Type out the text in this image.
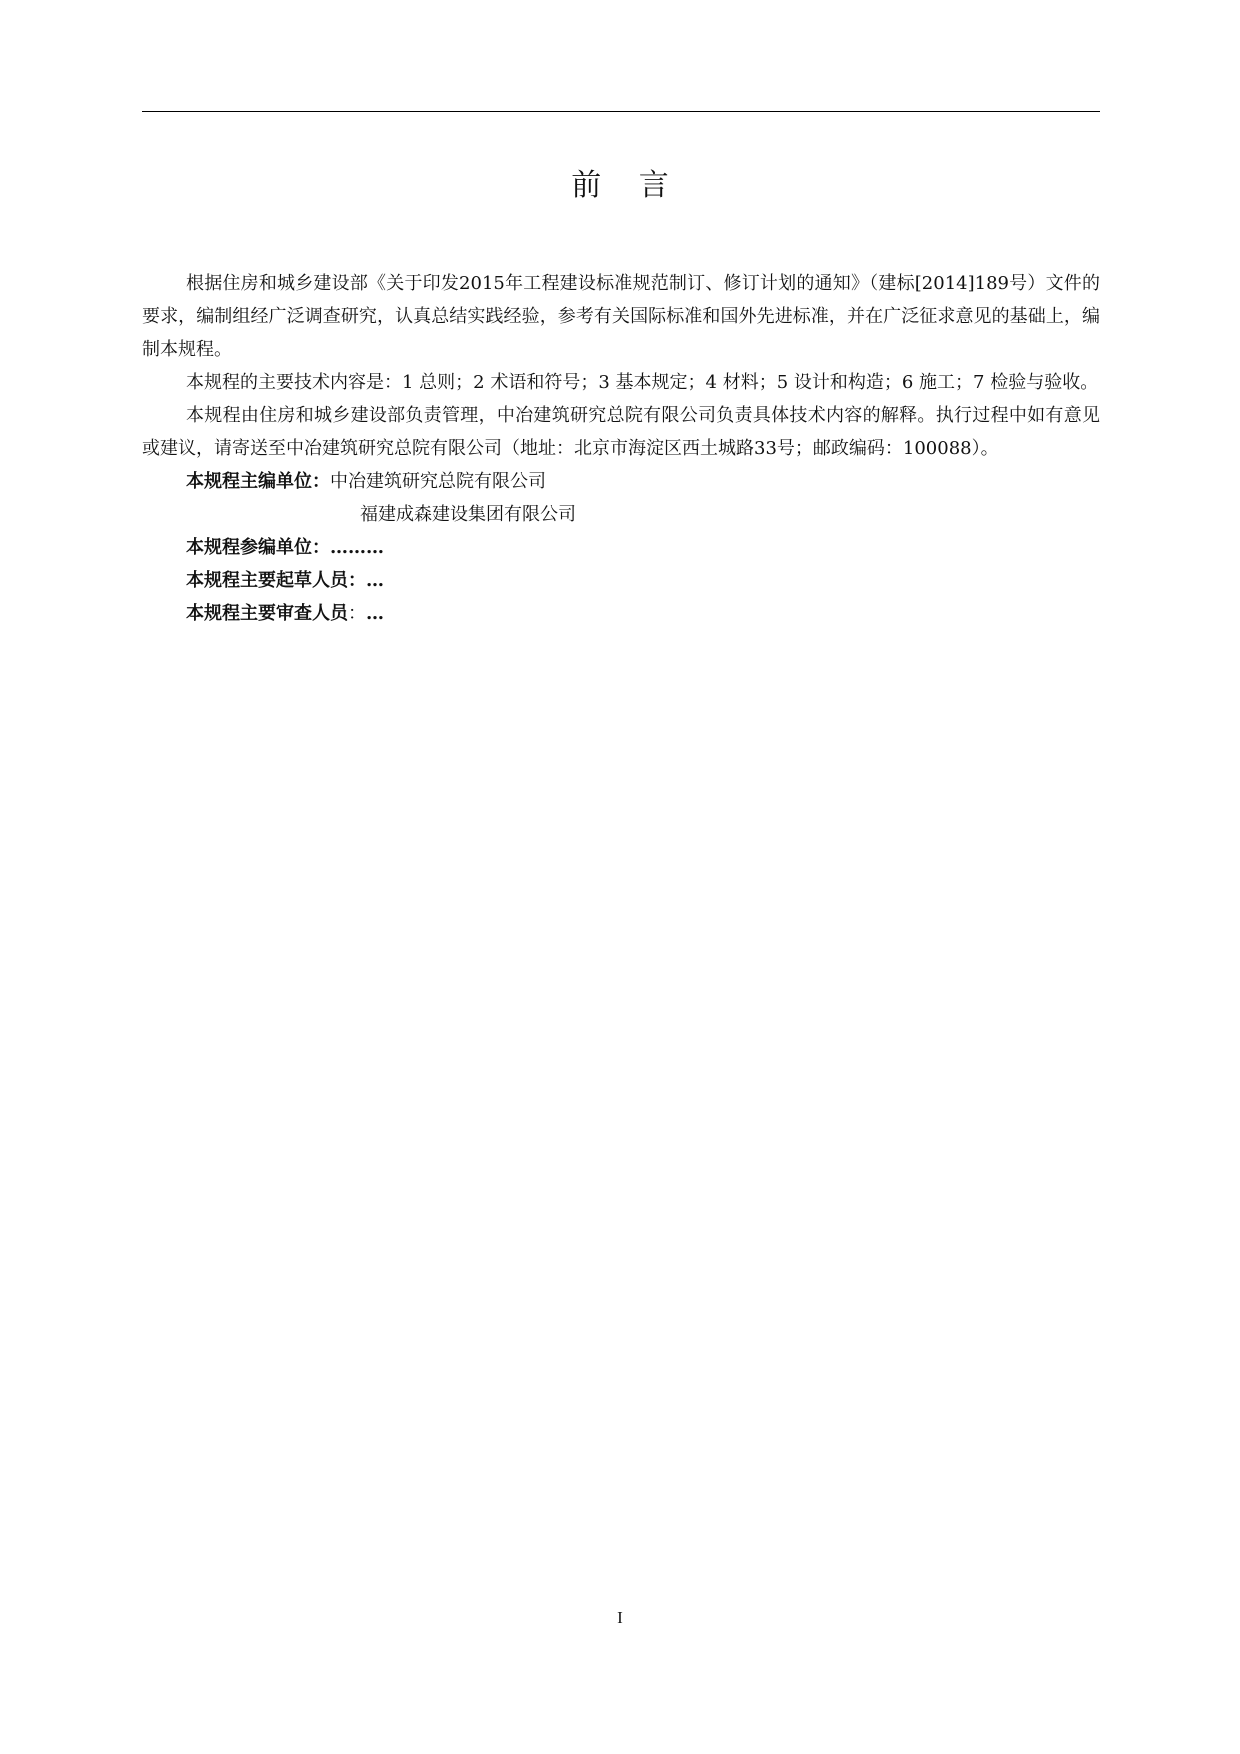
前 言

根据住房和城乡建设部《关于印发2015年工程建设标准规范制订、修订计划的通知》（建标[2014]189号）文件的要求，编制组经广泛调查研究，认真总结实践经验，参考有关国际标准和国外先进标准，并在广泛征求意见的基础上，编制本规程。

本规程的主要技术内容是：1 总则；2 术语和符号；3 基本规定；4 材料；5 设计和构造；6 施工；7 检验与验收。

本规程由住房和城乡建设部负责管理，中冶建筑研究总院有限公司负责具体技术内容的解释。执行过程中如有意见或建议，请寄送至中冶建筑研究总院有限公司（地址：北京市海淀区西土城路33号；邮政编码：100088）。

本规程主编单位：中冶建筑研究总院有限公司
福建成森建设集团有限公司
本规程参编单位：………
本规程主要起草人员：…
本规程主要审查人员：…
I
